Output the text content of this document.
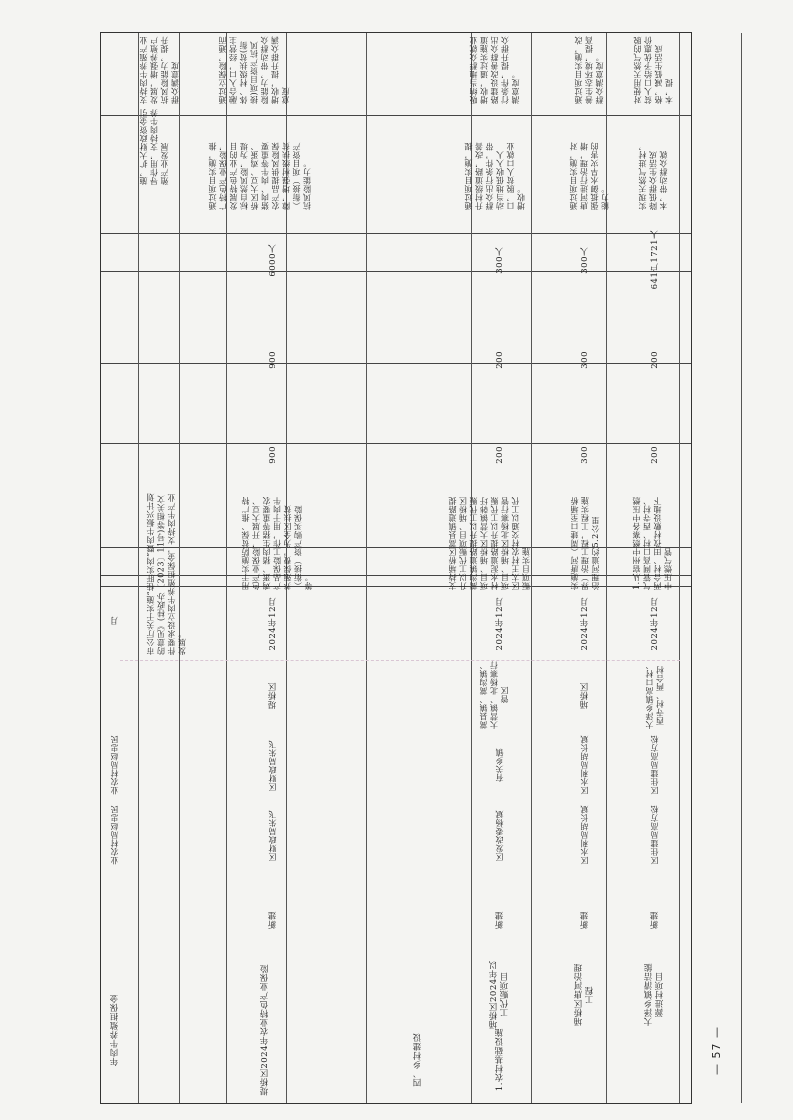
年肉牛养殖担保金
业农村局赵忠民
业农村局赵忠民
月	市公厅关于实施“桂肝实肉”暨肉牛振兴计划的意见》(桂政办〔2023〕11号)等相关文件要求设立肉牛养殖担保金，支持肉牛产业发展。
施，扩大财政资金引导作用，支持肉牛养殖产业发展
支持肉牛养殖产业发展，增强养殖户抗风险能力，提升群众满意度
堤桥区2024年农业特色产业保险
新建
区财政局朱飞
区财政局朱飞
堤桥区
2024年12月
用于实施防贫保、推广特色产业保险，开展大豆、鸡蛋、猪肉生猪等重要农产品保险工作，用于肉牛养殖保费，为全区扶贫（衔接）资产购买保险等。
900
900
6000人
通过项目实施，推广特色产业保险，发展特色产业的目标自然风险，为堤桥区大豆、鸡蛋、猪肉、肉牛等重要农产品提供风险保障，增强村级扶贫（衔接）项目资产抗风险能力。
通过立保险，通而融合入口，经营主体、村级扶贫(衔接)项目资产抗风险能力，带动群众增收，提升群众满意度
四、乡村建设	1.农村基础设施
埇桥区2024年以工代赈项目
新建
区发改委杨斌
有关乡镇
蒿县镇、蒿沟镇、大营镇、北杨寨行管区
2024年12月
支持埇桥区蒿县镇道路提升以工代赈项目、埇桥区蒿沟镇道路提升以工代赈项目、埇桥区大营镇韩圩村水泥道路提升以工代赈项目、埇桥区北杨寨行管区太王村农村交通以工代赈项目实施
200
200
300人
通过项目实施，提升村级道路，改善群众出行条件，带动当地低收入人口，脱贫人口就业增收。
吸纳当地群众就业增收，通过实施道路建设改善群众出行条件，提升群众满意度。
埇桥区唐河治理工程
新建
区水利局胡长斌
区水利局胡长斌
埇桥区
2024年12月
实施唐河（周建口至埇桥界）治理工程，工程实施治理河道约5.2公里
300
300
300人
通过项目实施，对唐河进行治理，增强抵御水旱灾害的能力。
通过项目实施，改善生态环境，提高群众满意度。
大泽乡镇清洁能源进村项目
新建
区住建局高方松
区住建局高方松
大泽乡镇高口村、西寺村、两合村
2024年12月
1.从宿州中燃寨各中压燃气管网高口村、西寺村、两合村、田孜村敷设地下中压燃气管
200
200
641户1721人
实现天然气进村，降低群众生活成本，带动群众就
对使用天然气的脱贫人口给予优惠价格，减低生活成本，提
— 57 —
